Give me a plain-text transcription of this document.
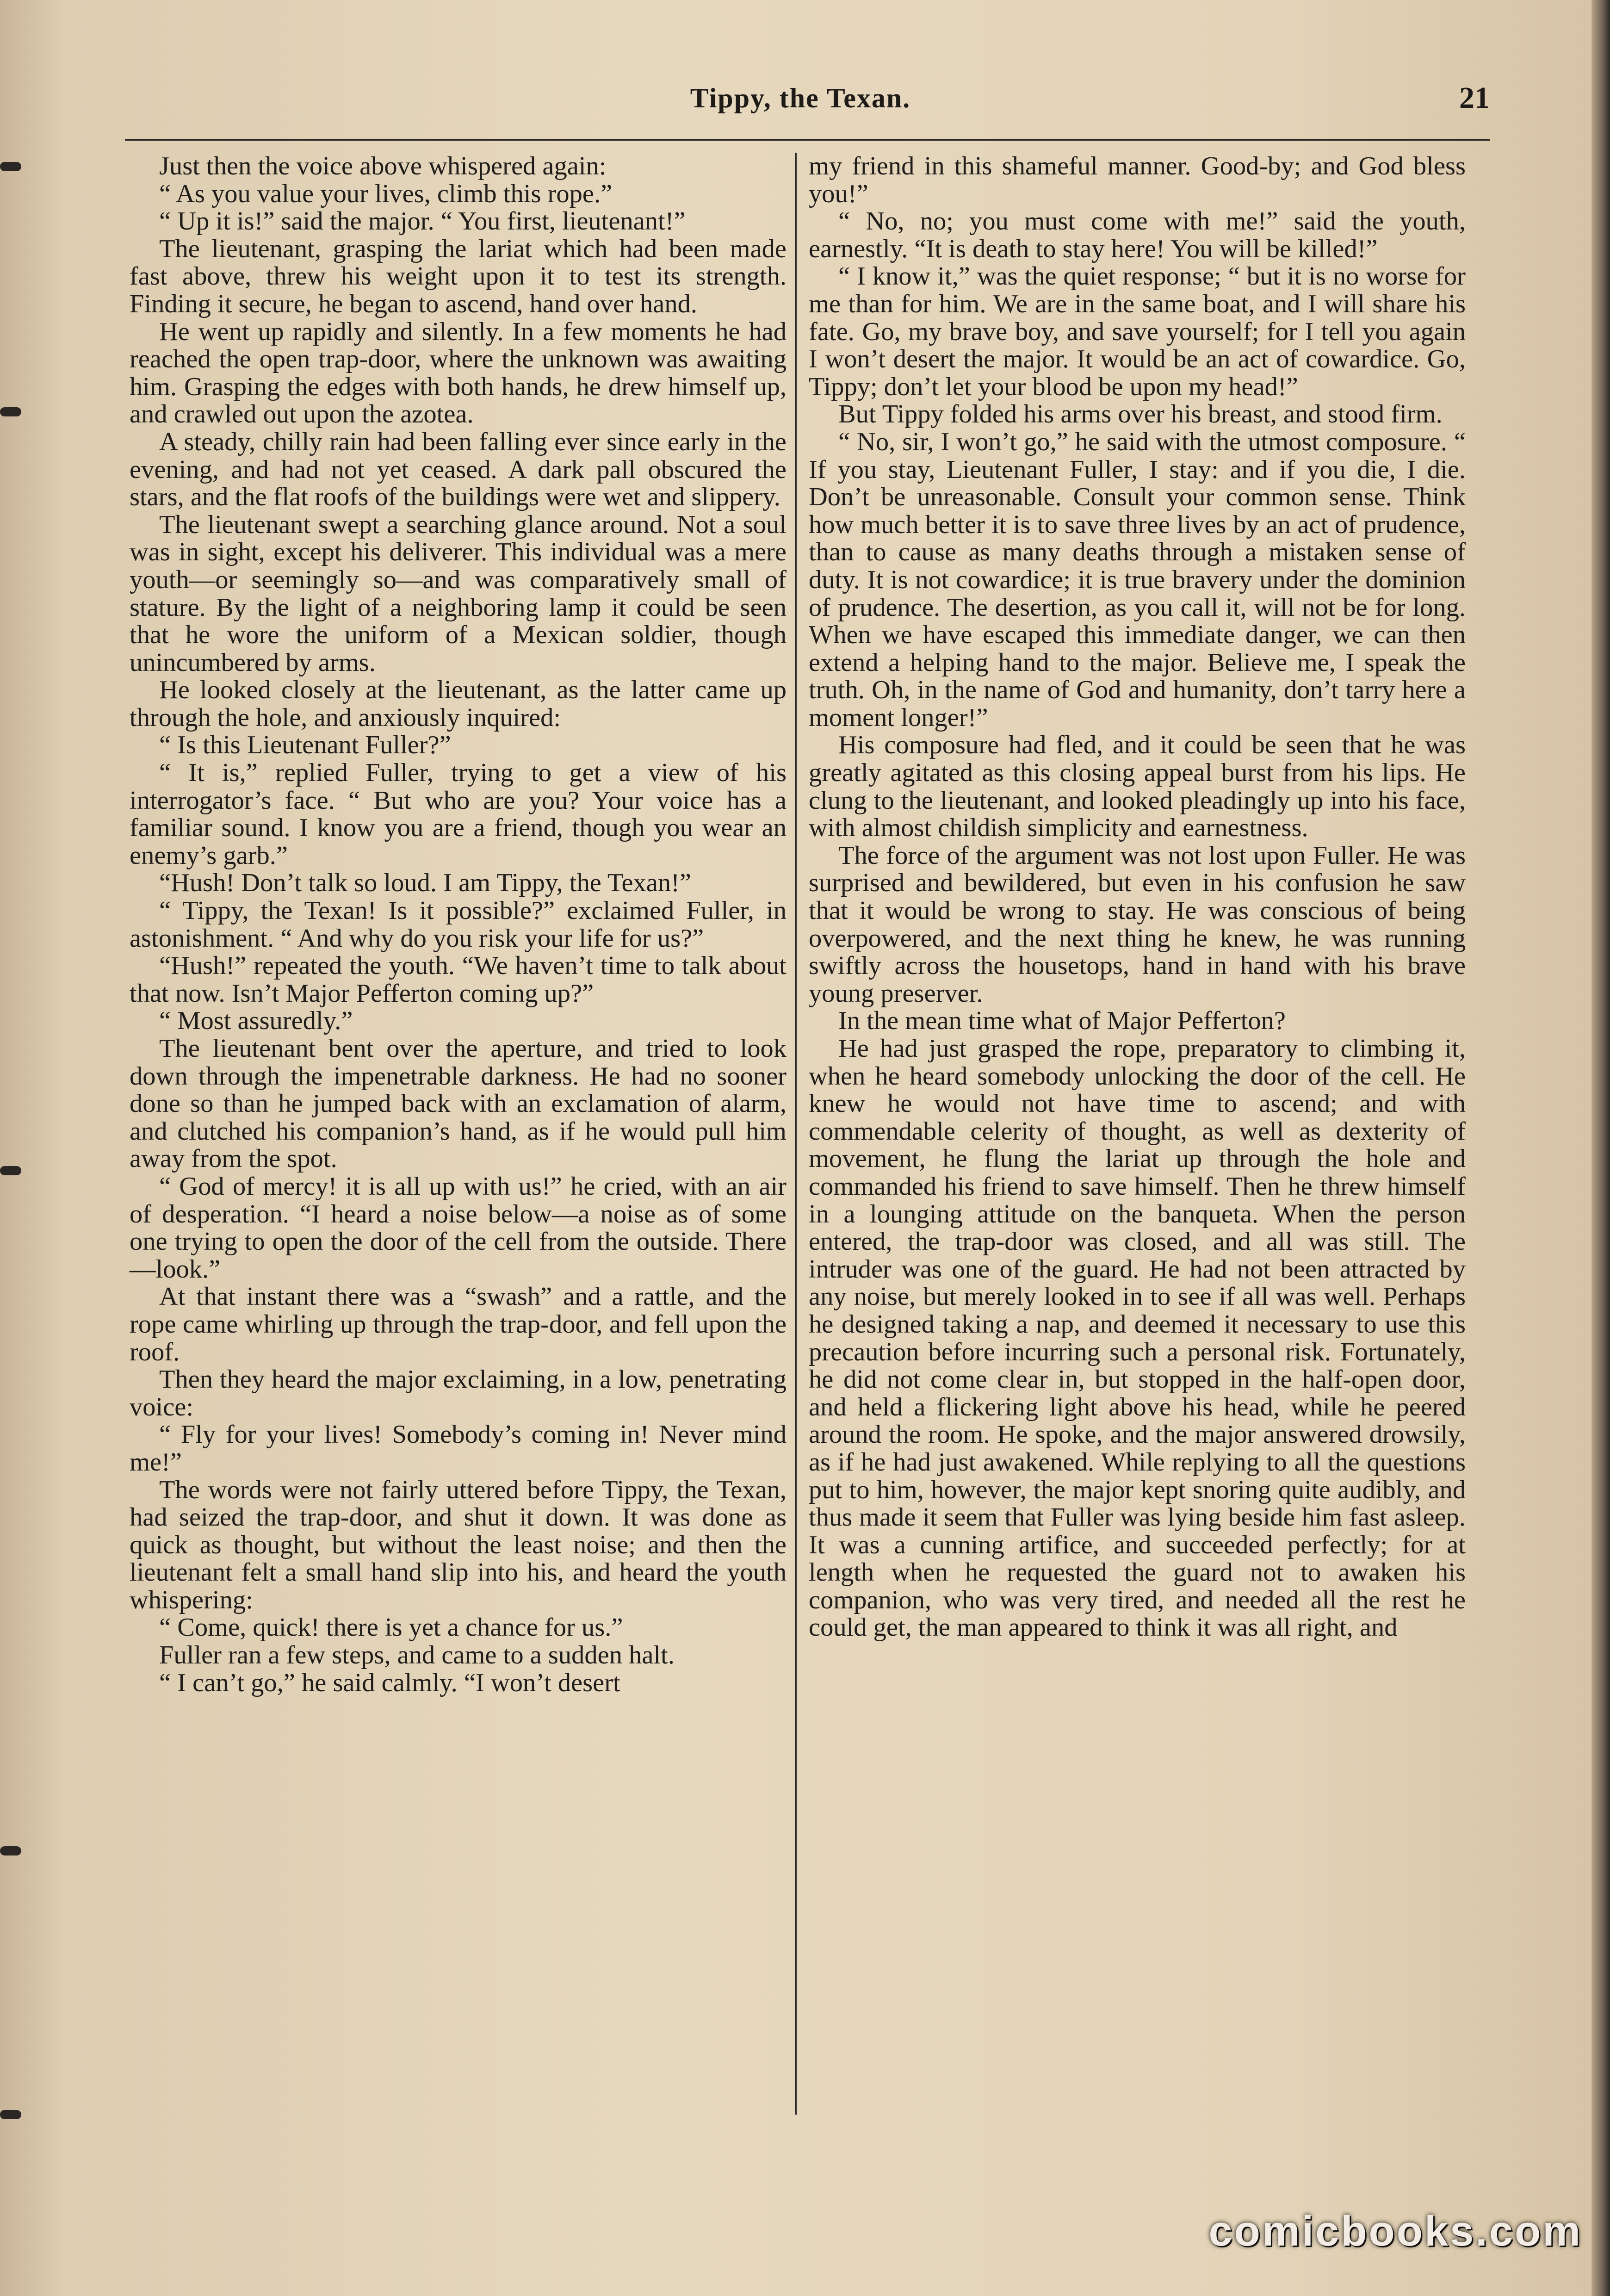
Tippy, the Texan.	21

Just then the voice above whispered again:

“ As you value your lives, climb this rope.”

“ Up it is!” said the major. “ You first, lieutenant!”

The lieutenant, grasping the lariat which had been made fast above, threw his weight upon it to test its strength. Finding it secure, he began to ascend, hand over hand.

He went up rapidly and silently. In a few moments he had reached the open trap-door, where the unknown was awaiting him. Grasping the edges with both hands, he drew himself up, and crawled out upon the azotea.

A steady, chilly rain had been falling ever since early in the evening, and had not yet ceased. A dark pall obscured the stars, and the flat roofs of the buildings were wet and slippery.

The lieutenant swept a searching glance around. Not a soul was in sight, except his deliverer. This individual was a mere youth—or seemingly so—and was comparatively small of stature. By the light of a neighboring lamp it could be seen that he wore the uniform of a Mexican soldier, though unincumbered by arms.

He looked closely at the lieutenant, as the latter came up through the hole, and anxiously inquired:

“ Is this Lieutenant Fuller?”

“ It is,” replied Fuller, trying to get a view of his interrogator’s face. “ But who are you? Your voice has a familiar sound. I know you are a friend, though you wear an enemy’s garb.”

“Hush! Don’t talk so loud. I am Tippy, the Texan!”

“ Tippy, the Texan! Is it possible?” exclaimed Fuller, in astonishment. “ And why do you risk your life for us?”

“Hush!” repeated the youth. “We haven’t time to talk about that now. Isn’t Major Pefferton coming up?”

“ Most assuredly.”

The lieutenant bent over the aperture, and tried to look down through the impenetrable darkness. He had no sooner done so than he jumped back with an exclamation of alarm, and clutched his companion’s hand, as if he would pull him away from the spot.

“ God of mercy! it is all up with us!” he cried, with an air of desperation. “I heard a noise below—a noise as of some one trying to open the door of the cell from the outside. There—look.”

At that instant there was a “swash” and a rattle, and the rope came whirling up through the trap-door, and fell upon the roof.

Then they heard the major exclaiming, in a low, penetrating voice:

“ Fly for your lives! Somebody’s coming in! Never mind me!”

The words were not fairly uttered before Tippy, the Texan, had seized the trap-door, and shut it down. It was done as quick as thought, but without the least noise; and then the lieutenant felt a small hand slip into his, and heard the youth whispering:

“ Come, quick! there is yet a chance for us.”

Fuller ran a few steps, and came to a sudden halt.

“ I can’t go,” he said calmly. “I won’t desert

my friend in this shameful manner. Good-by; and God bless you!”

“ No, no; you must come with me!” said the youth, earnestly. “It is death to stay here! You will be killed!”

“ I know it,” was the quiet response; “ but it is no worse for me than for him. We are in the same boat, and I will share his fate. Go, my brave boy, and save yourself; for I tell you again I won’t desert the major. It would be an act of cowardice. Go, Tippy; don’t let your blood be upon my head!”

But Tippy folded his arms over his breast, and stood firm.

“ No, sir, I won’t go,” he said with the utmost composure. “ If you stay, Lieutenant Fuller, I stay: and if you die, I die. Don’t be unreasonable. Consult your common sense. Think how much better it is to save three lives by an act of prudence, than to cause as many deaths through a mistaken sense of duty. It is not cowardice; it is true bravery under the dominion of prudence. The desertion, as you call it, will not be for long. When we have escaped this immediate danger, we can then extend a helping hand to the major. Believe me, I speak the truth. Oh, in the name of God and humanity, don’t tarry here a moment longer!”

His composure had fled, and it could be seen that he was greatly agitated as this closing appeal burst from his lips. He clung to the lieutenant, and looked pleadingly up into his face, with almost childish simplicity and earnestness.

The force of the argument was not lost upon Fuller. He was surprised and bewildered, but even in his confusion he saw that it would be wrong to stay. He was conscious of being overpowered, and the next thing he knew, he was running swiftly across the housetops, hand in hand with his brave young preserver.

In the mean time what of Major Pefferton?

He had just grasped the rope, preparatory to climbing it, when he heard somebody unlocking the door of the cell. He knew he would not have time to ascend; and with commendable celerity of thought, as well as dexterity of movement, he flung the lariat up through the hole and commanded his friend to save himself. Then he threw himself in a lounging attitude on the banqueta. When the person entered, the trap-door was closed, and all was still. The intruder was one of the guard. He had not been attracted by any noise, but merely looked in to see if all was well. Perhaps he designed taking a nap, and deemed it necessary to use this precaution before incurring such a personal risk. Fortunately, he did not come clear in, but stopped in the half-open door, and held a flickering light above his head, while he peered around the room. He spoke, and the major answered drowsily, as if he had just awakened. While replying to all the questions put to him, however, the major kept snoring quite audibly, and thus made it seem that Fuller was lying beside him fast asleep. It was a cunning artifice, and succeeded perfectly; for at length when he requested the guard not to awaken his companion, who was very tired, and needed all the rest he could get, the man appeared to think it was all right, and

comicbooks.com
